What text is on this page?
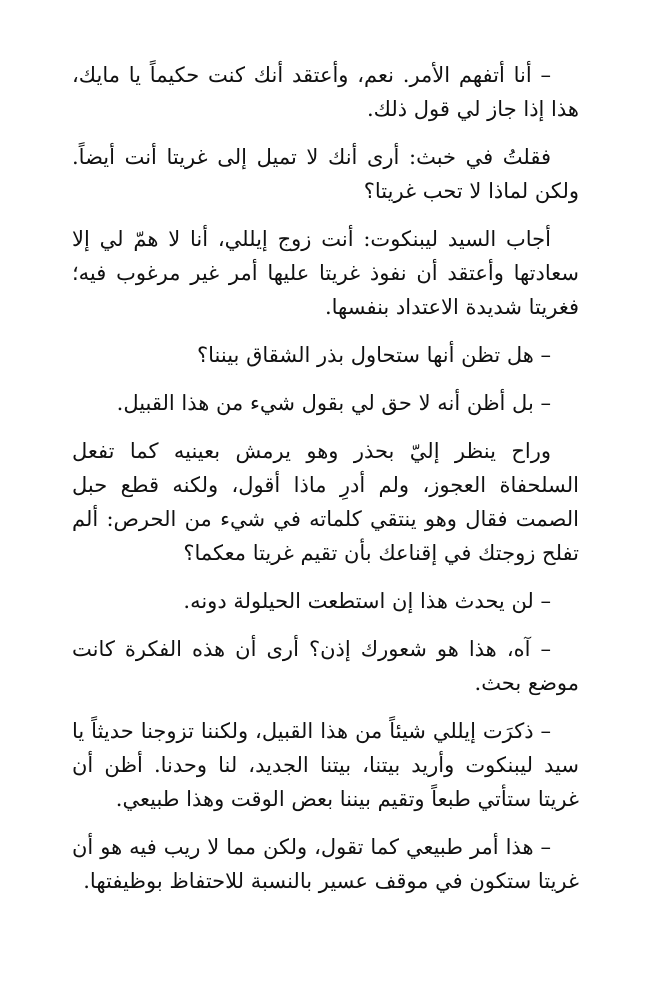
– أنا أتفهم الأمر. نعم، وأعتقد أنك كنت حكيماً يا مايك، هذا إذا جاز لي قول ذلك.

فقلتُ في خبث: أرى أنك لا تميل إلى غريتا أنت أيضاً. ولكن لماذا لا تحب غريتا؟

أجاب السيد ليبنكوت: أنت زوج إيللي، أنا لا همّ لي إلا سعادتها وأعتقد أن نفوذ غريتا عليها أمر غير مرغوب فيه؛ فغريتا شديدة الاعتداد بنفسها.

– هل تظن أنها ستحاول بذر الشقاق بيننا؟

– بل أظن أنه لا حق لي بقول شيء من هذا القبيل.

وراح ينظر إليّ بحذر وهو يرمش بعينيه كما تفعل السلحفاة العجوز، ولم أدرِ ماذا أقول، ولكنه قطع حبل الصمت فقال وهو ينتقي كلماته في شيء من الحرص: ألم تفلح زوجتك في إقناعك بأن تقيم غريتا معكما؟

– لن يحدث هذا إن استطعت الحيلولة دونه.

– آه، هذا هو شعورك إذن؟ أرى أن هذه الفكرة كانت موضع بحث.

– ذكرَت إيللي شيئاً من هذا القبيل، ولكننا تزوجنا حديثاً يا سيد ليبنكوت وأريد بيتنا، بيتنا الجديد، لنا وحدنا. أظن أن غريتا ستأتي طبعاً وتقيم بيننا بعض الوقت وهذا طبيعي.

– هذا أمر طبيعي كما تقول، ولكن مما لا ريب فيه هو أن غريتا ستكون في موقف عسير بالنسبة للاحتفاظ بوظيفتها.
